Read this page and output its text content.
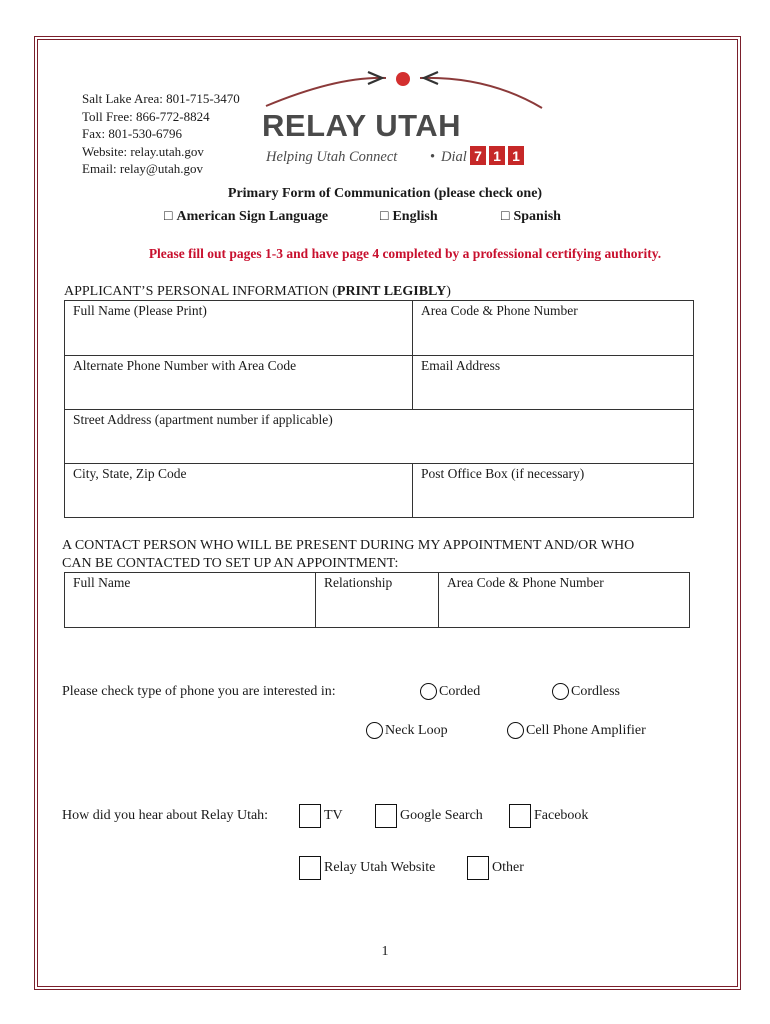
Salt Lake Area: 801-715-3470
Toll Free: 866-772-8824
Fax: 801-530-6796
Website: relay.utah.gov
Email: relay@utah.gov
RELAY UTAH
Helping Utah Connect • Dial 7 1 1
Primary Form of Communication (please check one)
□ American Sign Language	□ English	□ Spanish
Please fill out pages 1-3 and have page 4 completed by a professional certifying authority.
APPLICANT’S PERSONAL INFORMATION (PRINT LEGIBLY)
Full Name (Please Print)	Area Code & Phone Number
Alternate Phone Number with Area Code	Email Address
Street Address (apartment number if applicable)	
City, State, Zip Code	Post Office Box (if necessary)
A CONTACT PERSON WHO WILL BE PRESENT DURING MY APPOINTMENT AND/OR WHO
CAN BE CONTACTED TO SET UP AN APPOINTMENT:
Full Name	Relationship	Area Code & Phone Number
Please check type of phone you are interested in:	Corded	Cordless
Neck Loop	Cell Phone Amplifier
How did you hear about Relay Utah:	TV	Google Search	Facebook
Relay Utah Website	Other
1
